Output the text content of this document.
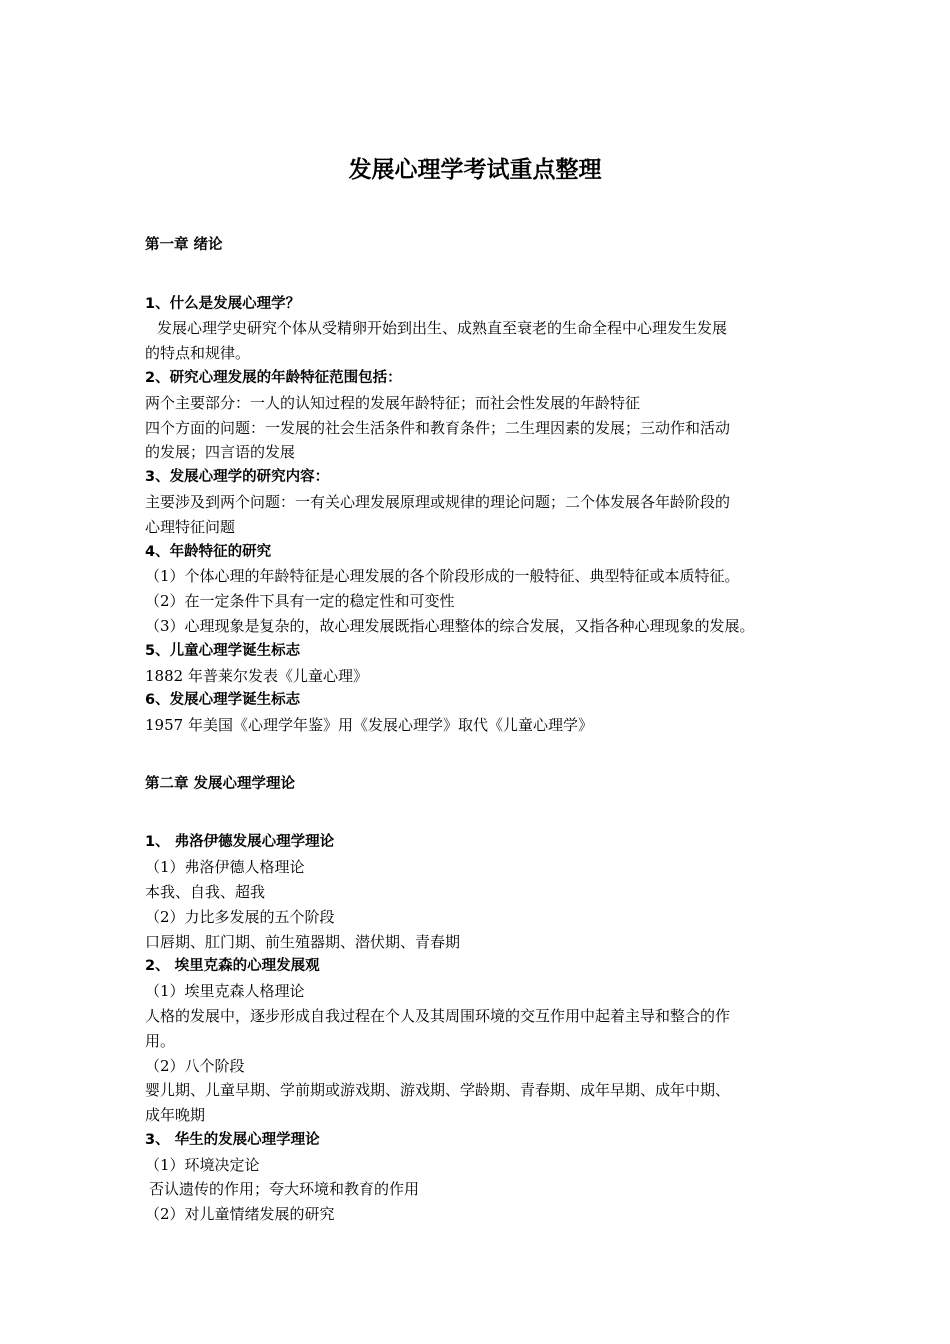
发展心理学考试重点整理
第一章 绪论
1、什么是发展心理学？
发展心理学史研究个体从受精卵开始到出生、成熟直至衰老的生命全程中心理发生发展
的特点和规律。
2、研究心理发展的年龄特征范围包括：
两个主要部分：一人的认知过程的发展年龄特征；而社会性发展的年龄特征
四个方面的问题：一发展的社会生活条件和教育条件；二生理因素的发展；三动作和活动
的发展；四言语的发展
3、发展心理学的研究内容：
主要涉及到两个问题：一有关心理发展原理或规律的理论问题；二个体发展各年龄阶段的
心理特征问题
4、年龄特征的研究
（1）个体心理的年龄特征是心理发展的各个阶段形成的一般特征、典型特征或本质特征。
（2）在一定条件下具有一定的稳定性和可变性
（3）心理现象是复杂的，故心理发展既指心理整体的综合发展，又指各种心理现象的发展。
5、儿童心理学诞生标志
1882 年普莱尔发表《儿童心理》
6、发展心理学诞生标志
1957 年美国《心理学年鉴》用《发展心理学》取代《儿童心理学》
第二章 发展心理学理论
1、 弗洛伊德发展心理学理论
（1）弗洛伊德人格理论
本我、自我、超我
（2）力比多发展的五个阶段
口唇期、肛门期、前生殖器期、潜伏期、青春期
2、 埃里克森的心理发展观
（1）埃里克森人格理论
人格的发展中，逐步形成自我过程在个人及其周围环境的交互作用中起着主导和整合的作
用。
（2）八个阶段
婴儿期、儿童早期、学前期或游戏期、游戏期、学龄期、青春期、成年早期、成年中期、
成年晚期
3、 华生的发展心理学理论
（1）环境决定论
否认遗传的作用；夸大环境和教育的作用
（2）对儿童情绪发展的研究
